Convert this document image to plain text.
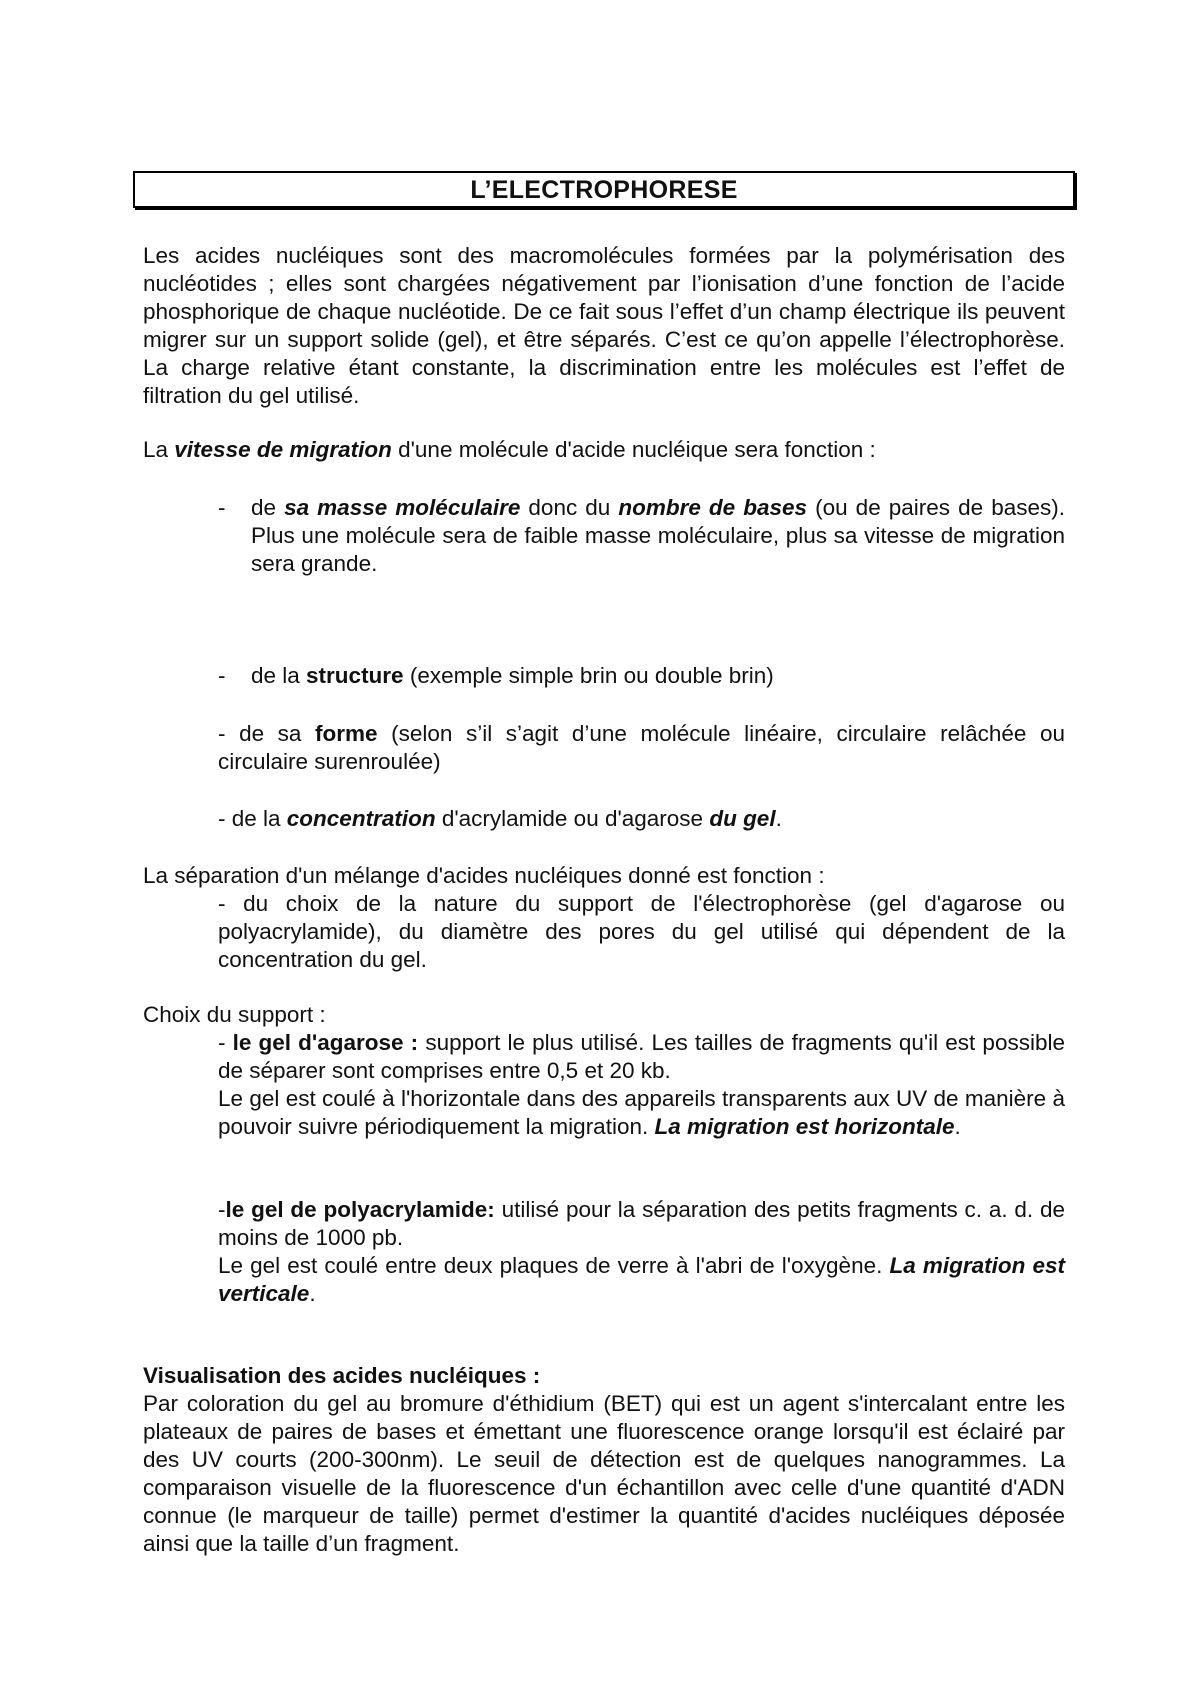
L’ELECTROPHORESE

Les acides nucléiques sont des macromolécules formées par la polymérisation des nucléotides ; elles sont chargées négativement par l’ionisation d’une fonction de l’acide phosphorique de chaque nucléotide. De ce fait sous l’effet d’un champ électrique ils peuvent migrer sur un support solide (gel), et être séparés. C’est ce qu’on appelle l’électrophorèse. La charge relative étant constante, la discrimination entre les molécules est l’effet de filtration du gel utilisé.

La vitesse de migration d'une molécule d'acide nucléique sera fonction :

- de sa masse moléculaire donc du nombre de bases (ou de paires de bases). Plus une molécule sera de faible masse moléculaire, plus sa vitesse de migration sera grande.

- de la structure (exemple simple brin ou double brin)

- de sa forme (selon s’il s’agit d’une molécule linéaire, circulaire relâchée ou circulaire surenroulée)

- de la concentration d'acrylamide ou d'agarose du gel.

La séparation d'un mélange d'acides nucléiques donné est fonction :

- du choix de la nature du support de l'électrophorèse (gel d'agarose ou polyacrylamide), du diamètre des pores du gel utilisé qui dépendent de la concentration du gel.

Choix du support :

- le gel d'agarose : support le plus utilisé. Les tailles de fragments qu'il est possible de séparer sont comprises entre 0,5 et 20 kb.

Le gel est coulé à l'horizontale dans des appareils transparents aux UV de manière à pouvoir suivre périodiquement la migration. La migration est horizontale.

-le gel de polyacrylamide: utilisé pour la séparation des petits fragments c. a. d. de moins de 1000 pb.

Le gel est coulé entre deux plaques de verre à l'abri de l'oxygène. La migration est verticale.

Visualisation des acides nucléiques :

Par coloration du gel au bromure d'éthidium (BET) qui est un agent s'intercalant entre les plateaux de paires de bases et émettant une fluorescence orange lorsqu'il est éclairé par des UV courts (200-300nm). Le seuil de détection est de quelques nanogrammes. La comparaison visuelle de la fluorescence d'un échantillon avec celle d'une quantité d'ADN connue (le marqueur de taille) permet d'estimer la quantité d'acides nucléiques déposée ainsi que la taille d’un fragment.
